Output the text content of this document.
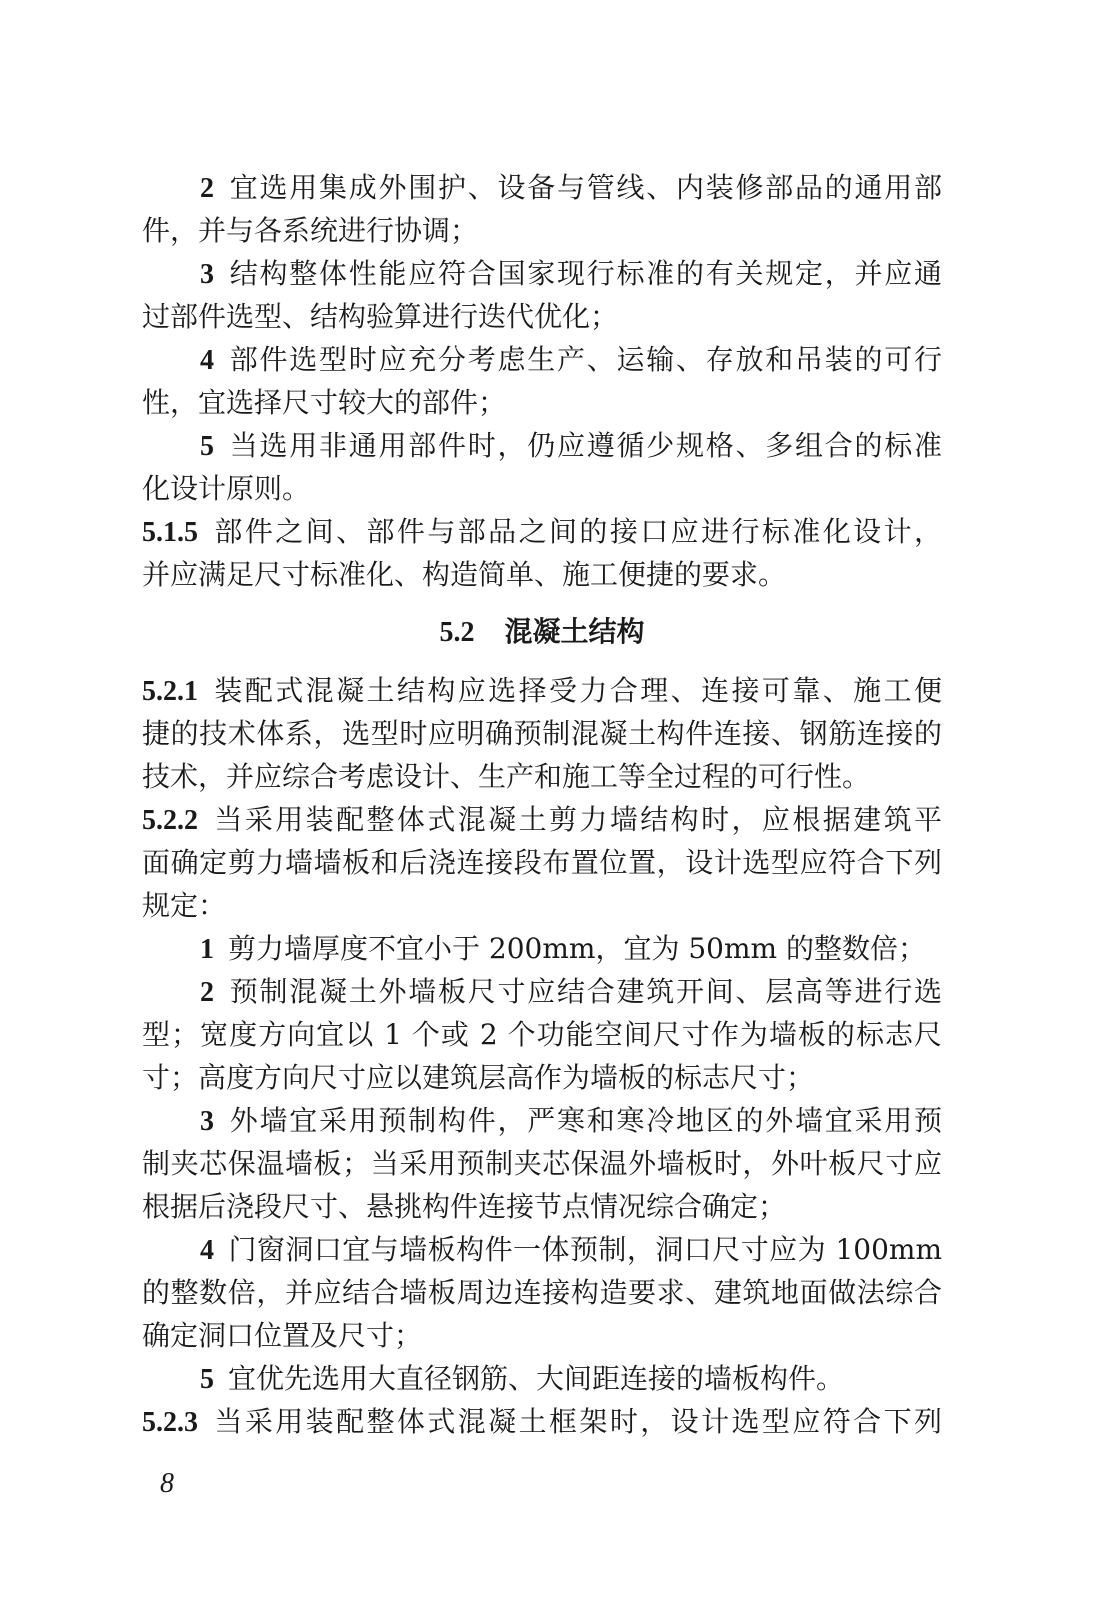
2 宜选用集成外围护、设备与管线、内装修部品的通用部
件，并与各系统进行协调；
3 结构整体性能应符合国家现行标准的有关规定，并应通
过部件选型、结构验算进行迭代优化；
4 部件选型时应充分考虑生产、运输、存放和吊装的可行
性，宜选择尺寸较大的部件；
5 当选用非通用部件时，仍应遵循少规格、多组合的标准
化设计原则。
5.1.5 部件之间、部件与部品之间的接口应进行标准化设计，
并应满足尺寸标准化、构造简单、施工便捷的要求。
5.2 混凝土结构
5.2.1 装配式混凝土结构应选择受力合理、连接可靠、施工便
捷的技术体系，选型时应明确预制混凝土构件连接、钢筋连接的
技术，并应综合考虑设计、生产和施工等全过程的可行性。
5.2.2 当采用装配整体式混凝土剪力墙结构时，应根据建筑平
面确定剪力墙墙板和后浇连接段布置位置，设计选型应符合下列
规定：
1 剪力墙厚度不宜小于 200mm，宜为 50mm 的整数倍；
2 预制混凝土外墙板尺寸应结合建筑开间、层高等进行选
型；宽度方向宜以 1 个或 2 个功能空间尺寸作为墙板的标志尺
寸；高度方向尺寸应以建筑层高作为墙板的标志尺寸；
3 外墙宜采用预制构件，严寒和寒冷地区的外墙宜采用预
制夹芯保温墙板；当采用预制夹芯保温外墙板时，外叶板尺寸应
根据后浇段尺寸、悬挑构件连接节点情况综合确定；
4 门窗洞口宜与墙板构件一体预制，洞口尺寸应为 100mm
的整数倍，并应结合墙板周边连接构造要求、建筑地面做法综合
确定洞口位置及尺寸；
5 宜优先选用大直径钢筋、大间距连接的墙板构件。
5.2.3 当采用装配整体式混凝土框架时，设计选型应符合下列
8
